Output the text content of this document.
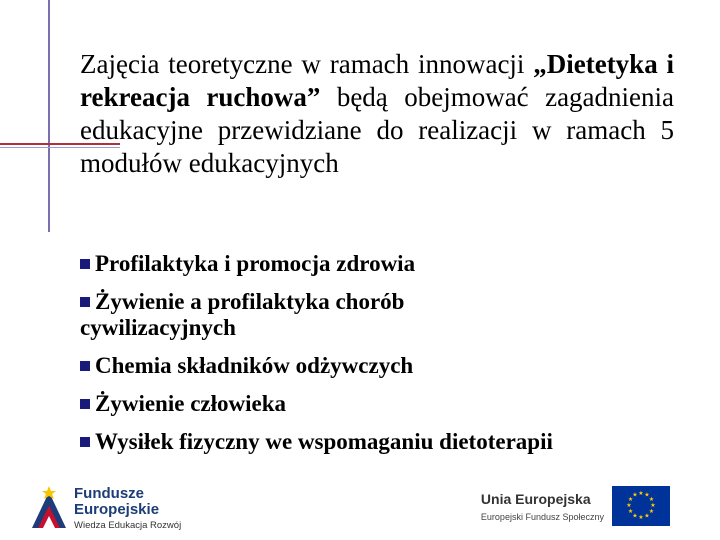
Zajęcia teoretyczne w ramach innowacji „Dietetyka i rekreacja ruchowa” będą obejmować zagadnienia edukacyjne przewidziane do realizacji w ramach 5 modułów edukacyjnych
Profilaktyka i promocja zdrowia
Żywienie a profilaktyka chorób
cywilizacyjnych
Chemia składników odżywczych
Żywienie człowieka
Wysiłek fizyczny we wspomaganiu dietoterapii
Fundusze
Europejskie
Wiedza Edukacja Rozwój
Unia Europejska
Europejski Fundusz Społeczny
★ ★
★
★
★
★
★
★
★
★
★
★
